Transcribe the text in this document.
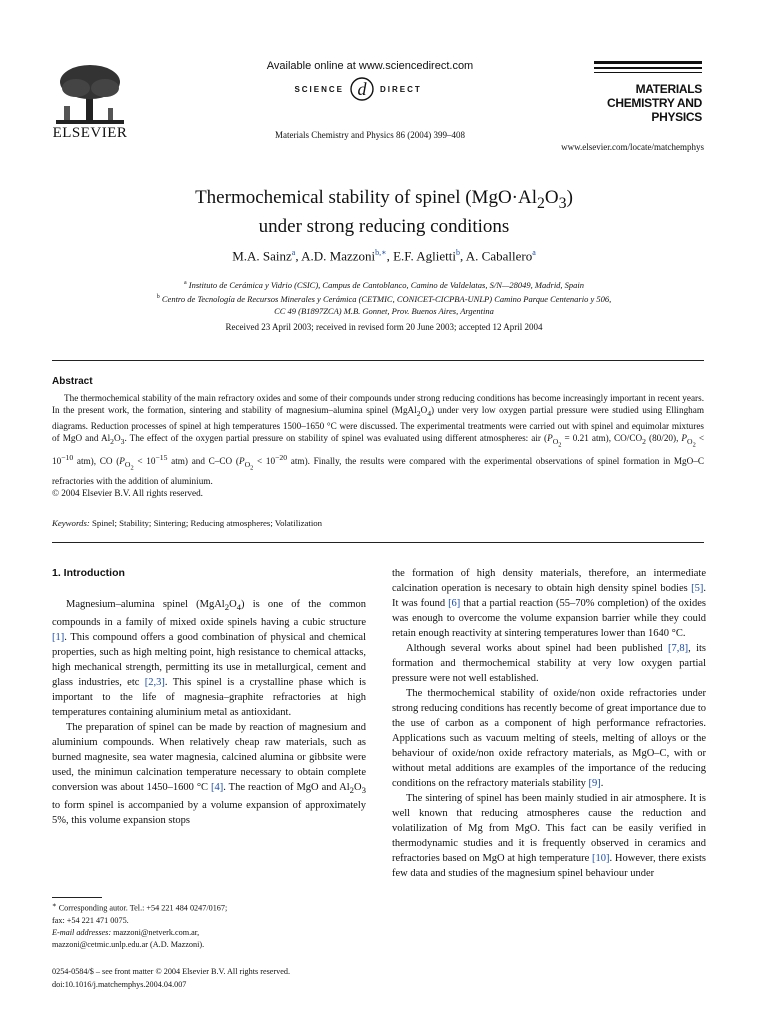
ELSEVIER
Available online at www.sciencedirect.com
SCIENCE d DIRECT
Materials Chemistry and Physics 86 (2004) 399–408
MATERIALS
CHEMISTRY AND
PHYSICS
www.elsevier.com/locate/matchemphys
Thermochemical stability of spinel $(MgO\cdot Al_2O_3)$
under strong reducing conditions
M.A. Sainz$^a$, A.D. Mazzoni$^{b,∗}$, E.F. Aglietti$^b$, A. Caballero$^a$
$^a$ Instituto de Cerámica y Vidrio (CSIC), Campus de Cantoblanco, Camino de Valdelatas, S/N—28049, Madrid, Spain
$^b$ Centro de Tecnología de Recursos Minerales y Cerámica (CETMIC, CONICET-CICPBA-UNLP) Camino Parque Centenario y 506,
CC 49 (B1897ZCA) M.B. Gonnet, Prov. Buenos Aires, Argentina
Received 23 April 2003; received in revised form 20 June 2003; accepted 12 April 2004
Abstract

The thermochemical stability of the main refractory oxides and some of their compounds under strong reducing conditions has become increasingly important in recent years. In the present work, the formation, sintering and stability of magnesium–alumina spinel $(MgAl_2O_4)$ under very low oxygen partial pressure were studied using Ellingham diagrams. Reduction processes of spinel at high temperatures 1500–1650 °C were discussed. The experimental treatments were carried out with spinel and equimolar mixtures of MgO and $Al_2O_3$. The effect of the oxygen partial pressure on stability of spinel was evaluated using different atmospheres: air ($P_{O_2} = 0.21$ atm), $CO/CO_2$ (80/20), $P_{O_2} < 10^{-10}$ atm), CO ($P_{O_2} < 10^{-15}$ atm) and C–CO ($P_{O_2} < 10^{-20}$ atm). Finally, the results were compared with the experimental observations of spinel formation in MgO–C refractories with the addition of aluminium.

© 2004 Elsevier B.V. All rights reserved.

Keywords: Spinel; Stability; Sintering; Reducing atmospheres; Volatilization
1. Introduction

Magnesium–alumina spinel $(MgAl_2O_4)$ is one of the common compounds in a family of mixed oxide spinels having a cubic structure [1]. This compound offers a good combination of physical and chemical properties, such as high melting point, high resistance to chemical attacks, high mechanical strength, permitting its use in metallurgical, cement and glass industries, etc [2,3]. This spinel is a crystalline phase which is important to the life of magnesia–graphite refractories at high temperatures containing aluminium metal as antioxidant.

The preparation of spinel can be made by reaction of magnesium and aluminium compounds. When relatively cheap raw materials, such as burned magnesite, sea water magnesia, calcined alumina or gibbsite were used, the minimun calcination temperature necessary to obtain complete conversion was about 1450–1600 °C [4]. The reaction of MgO and $Al_2O_3$ to form spinel is accompanied by a volume expansion of approximately 5%, this volume expansion stops

∗ Corresponding autor. Tel.: +54 221 484 0247/0167;
fax: +54 221 471 0075.
E-mail addresses: mazzoni@netverk.com.ar,
mazzoni@cetmic.unlp.edu.ar (A.D. Mazzoni).
0254-0584/$ – see front matter © 2004 Elsevier B.V. All rights reserved.
doi:10.1016/j.matchemphys.2004.04.007

the formation of high density materials, therefore, an intermediate calcination operation is necesary to obtain high density spinel bodies [5]. It was found [6] that a partial reaction (55–70% completion) of the oxides was enough to overcome the volume expansion barrier while they could retain enough reactivity at sintering temperatures lower than 1640 °C.

Although several works about spinel had been published [7,8], its formation and thermochemical stability at very low oxygen partial pressure were not well established.

The thermochemical stability of oxide/non oxide refractories under strong reducing conditions has recently become of great importance due to the use of carbon as a component of high performance refractories. Applications such as vacuum melting of steels, melting of alloys or the behaviour of oxide/non oxide refractory materials, as MgO–C, with or without metal additions are examples of the importance of the reducing conditions on the refractory materials stability [9].

The sintering of spinel has been mainly studied in air atmosphere. It is well known that reducing atmospheres cause the reduction and volatilization of Mg from MgO. This fact can be easily verified in thermodynamic studies and it is frequently observed in ceramics and refractories based on MgO at high temperature [10]. However, there exists few data and studies of the magnesium spinel behaviour under
